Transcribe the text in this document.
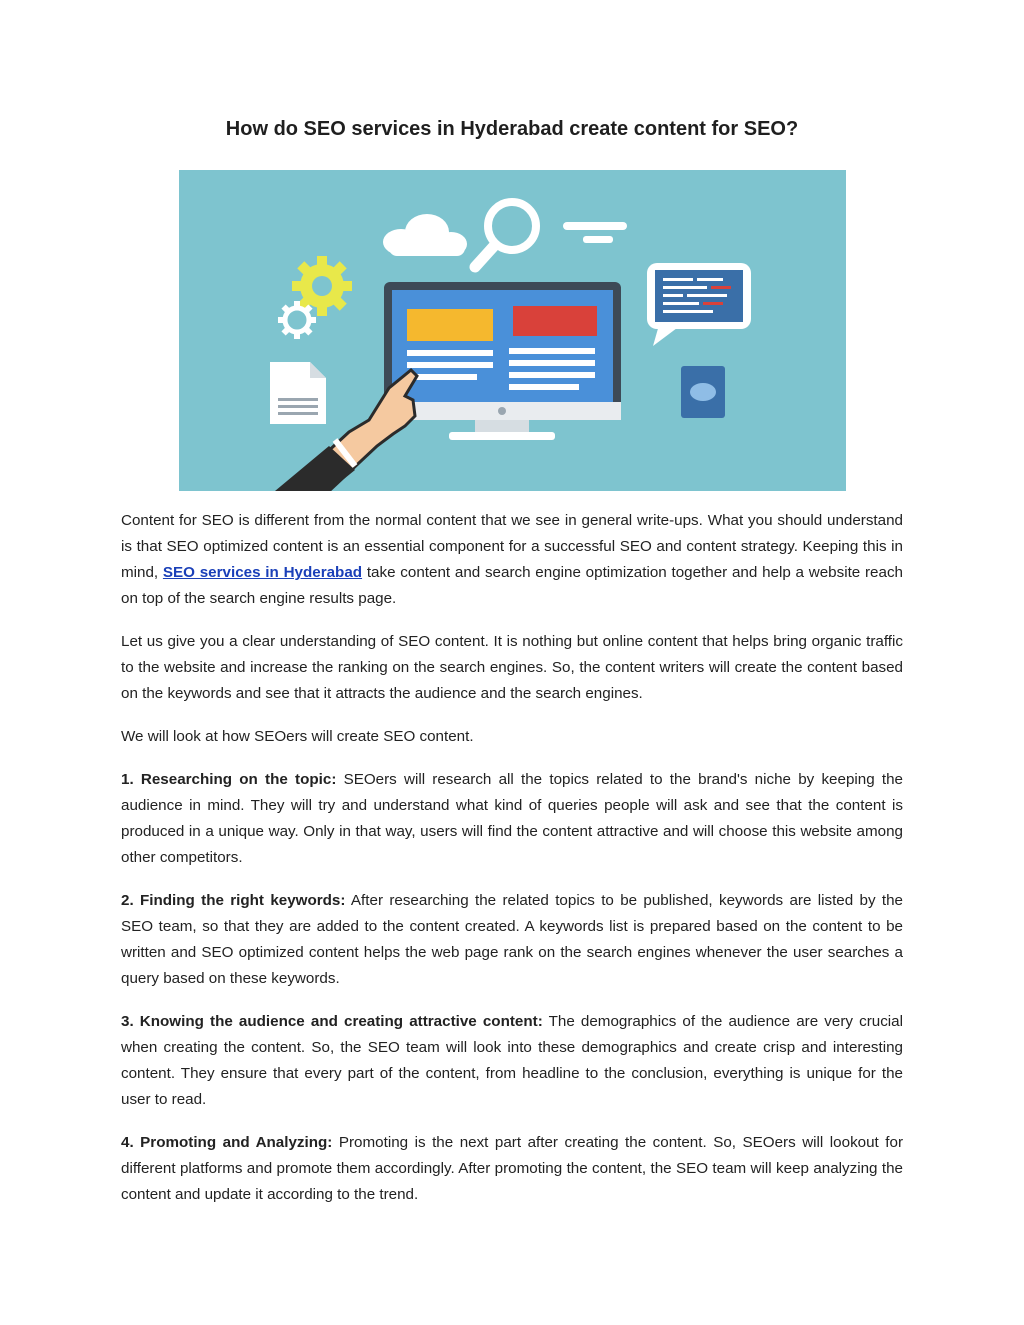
How do SEO services in Hyderabad create content for SEO?

Content for SEO is different from the normal content that we see in general write-ups. What you should understand is that SEO optimized content is an essential component for a successful SEO and content strategy. Keeping this in mind, SEO services in Hyderabad take content and search engine optimization together and help a website reach on top of the search engine results page.

Let us give you a clear understanding of SEO content. It is nothing but online content that helps bring organic traffic to the website and increase the ranking on the search engines. So, the content writers will create the content based on the keywords and see that it attracts the audience and the search engines.

We will look at how SEOers will create SEO content.

1. Researching on the topic: SEOers will research all the topics related to the brand's niche by keeping the audience in mind. They will try and understand what kind of queries people will ask and see that the content is produced in a unique way. Only in that way, users will find the content attractive and will choose this website among other competitors.

2. Finding the right keywords: After researching the related topics to be published, keywords are listed by the SEO team, so that they are added to the content created. A keywords list is prepared based on the content to be written and SEO optimized content helps the web page rank on the search engines whenever the user searches a query based on these keywords.

3. Knowing the audience and creating attractive content: The demographics of the audience are very crucial when creating the content. So, the SEO team will look into these demographics and create crisp and interesting content. They ensure that every part of the content, from headline to the conclusion, everything is unique for the user to read.

4. Promoting and Analyzing: Promoting is the next part after creating the content. So, SEOers will lookout for different platforms and promote them accordingly. After promoting the content, the SEO team will keep analyzing the content and update it according to the trend.
